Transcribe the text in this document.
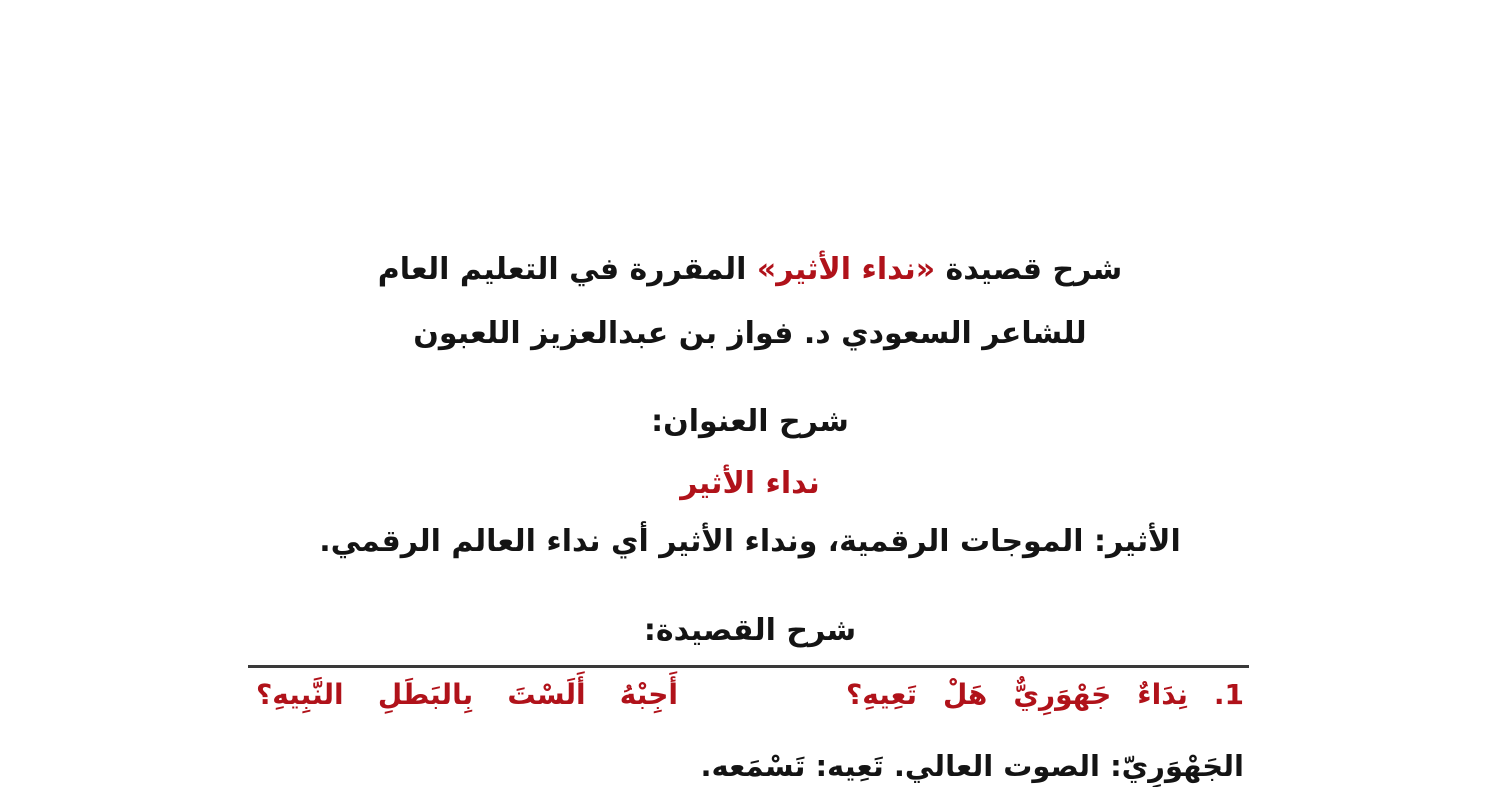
شرح قصيدة «نداء الأثير» المقررة في التعليم العام
للشاعر السعودي د. فواز بن عبدالعزيز اللعبون
شرح العنوان:
نداء الأثير
الأثير: الموجات الرقمية، ونداء الأثير أي نداء العالم الرقمي.
شرح القصيدة:
1. نِدَاءٌ جَهْوَرِيٌّ هَلْ تَعِيهِ؟
أَجِبْهُ أَلَسْتَ بِالبَطَلِ النَّبِيهِ؟
الجَهْوَرِيّ: الصوت العالي. تَعِيه: تَسْمَعه.
